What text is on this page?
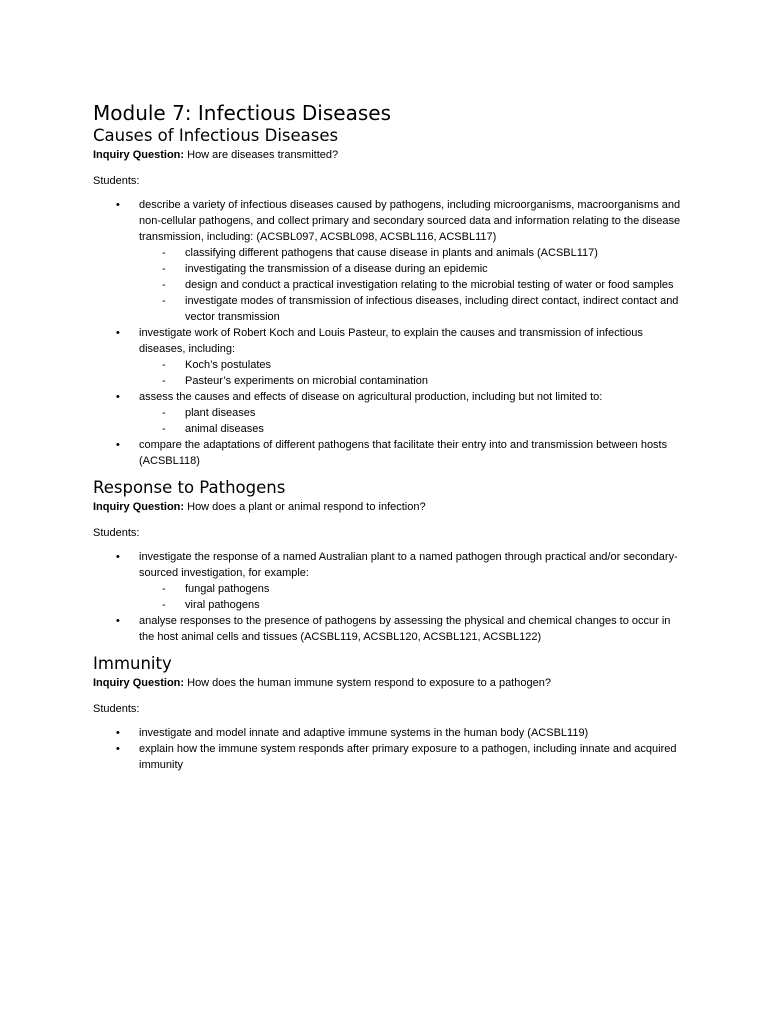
Module 7: Infectious Diseases
Causes of Infectious Diseases

Inquiry Question: How are diseases transmitted?

Students:

• describe a variety of infectious diseases caused by pathogens, including microorganisms, macroorganisms and non-cellular pathogens, and collect primary and secondary sourced data and information relating to the disease transmission, including: (ACSBL097, ACSBL098, ACSBL116, ACSBL117)
- classifying different pathogens that cause disease in plants and animals (ACSBL117)
- investigating the transmission of a disease during an epidemic
- design and conduct a practical investigation relating to the microbial testing of water or food samples
- investigate modes of transmission of infectious diseases, including direct contact, indirect contact and vector transmission
• investigate work of Robert Koch and Louis Pasteur, to explain the causes and transmission of infectious diseases, including:
- Koch’s postulates
- Pasteur’s experiments on microbial contamination
• assess the causes and effects of disease on agricultural production, including but not limited to:
- plant diseases
- animal diseases
• compare the adaptations of different pathogens that facilitate their entry into and transmission between hosts (ACSBL118)
Response to Pathogens

Inquiry Question: How does a plant or animal respond to infection?

Students:

• investigate the response of a named Australian plant to a named pathogen through practical and/or secondary-sourced investigation, for example:
- fungal pathogens
- viral pathogens
• analyse responses to the presence of pathogens by assessing the physical and chemical changes to occur in the host animal cells and tissues (ACSBL119, ACSBL120, ACSBL121, ACSBL122)
Immunity

Inquiry Question: How does the human immune system respond to exposure to a pathogen?

Students:

• investigate and model innate and adaptive immune systems in the human body (ACSBL119)
• explain how the immune system responds after primary exposure to a pathogen, including innate and acquired immunity
